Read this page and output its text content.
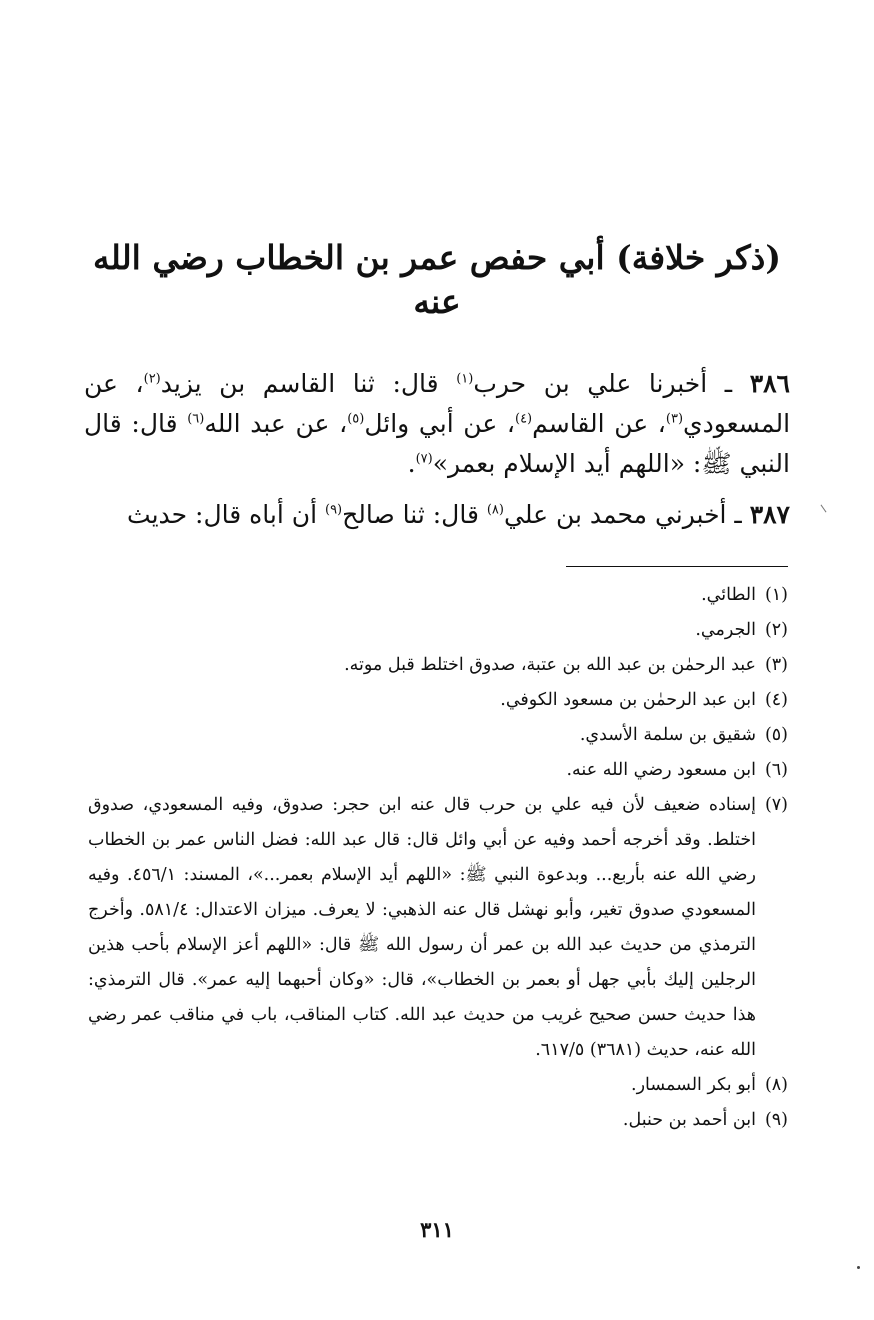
(ذكر خلافة) أبي حفص عمر بن الخطاب رضي الله عنه

٣٨٦ ـ أخبرنا علي بن حرب$^{(١)}$ قال: ثنا القاسم بن يزيد$^{(٢)}$، عن المسعودي$^{(٣)}$، عن القاسم$^{(٤)}$، عن أبي وائل$^{(٥)}$، عن عبد الله$^{(٦)}$ قال: قال النبي ﷺ: «اللهم أيد الإسلام بعمر»$^{(٧)}$.

٣٨٧ ـ أخبرني محمد بن علي$^{(٨)}$ قال: ثنا صالح$^{(٩)}$ أن أباه قال: حديث

(١)
الطائي.

(٢)
الجرمي.

(٣)
عبد الرحمٰن بن عبد الله بن عتبة، صدوق اختلط قبل موته.

(٤)
ابن عبد الرحمٰن بن مسعود الكوفي.

(٥)
شقيق بن سلمة الأسدي.

(٦)
ابن مسعود رضي الله عنه.

(٧)
إسناده ضعيف لأن فيه علي بن حرب قال عنه ابن حجر: صدوق، وفيه المسعودي، صدوق اختلط. وقد أخرجه أحمد وفيه عن أبي وائل قال: قال عبد الله: فضل الناس عمر بن الخطاب رضي الله عنه بأربع... وبدعوة النبي ﷺ: «اللهم أيد الإسلام بعمر...»، المسند: ٤٥٦/١. وفيه المسعودي صدوق تغير، وأبو نهشل قال عنه الذهبي: لا يعرف. ميزان الاعتدال: ٥٨١/٤. وأخرج الترمذي من حديث عبد الله بن عمر أن رسول الله ﷺ قال: «اللهم أعز الإسلام بأحب هذين الرجلين إليك بأبي جهل أو بعمر بن الخطاب»، قال: «وكان أحبهما إليه عمر». قال الترمذي: هذا حديث حسن صحيح غريب من حديث عبد الله. كتاب المناقب، باب في مناقب عمر رضي الله عنه، حديث (٣٦٨١) ٦١٧/٥.

(٨)
أبو بكر السمسار.

(٩)
ابن أحمد بن حنبل.

٣١١
